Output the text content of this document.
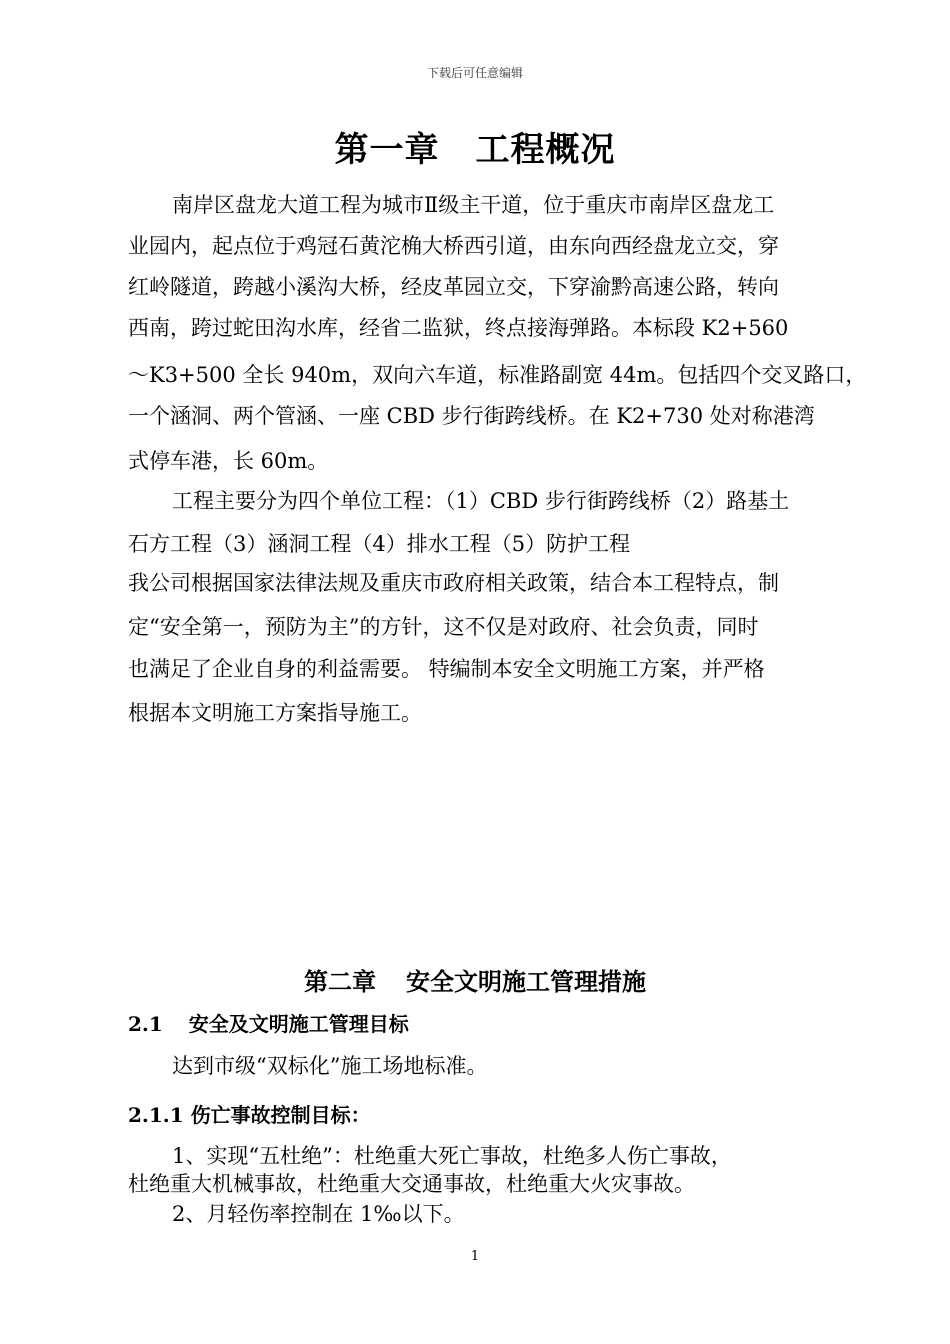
下载后可任意编辑
第一章 工程概况
南岸区盘龙大道工程为城市Ⅱ级主干道，位于重庆市南岸区盘龙工
业园内，起点位于鸡冠石黄沱桷大桥西引道，由东向西经盘龙立交，穿
红岭隧道，跨越小溪沟大桥，经皮革园立交，下穿渝黔高速公路，转向
西南，跨过蛇田沟水库，经省二监狱，终点接海弹路。本标段 K2+560
～K3+500 全长 940m，双向六车道，标准路副宽 44m。包括四个交叉路口，
一个涵洞、两个管涵、一座 CBD 步行街跨线桥。在 K2+730 处对称港湾
式停车港，长 60m。
工程主要分为四个单位工程：（1）CBD 步行街跨线桥（2）路基土
石方工程（3）涵洞工程（4）排水工程（5）防护工程
我公司根据国家法律法规及重庆市政府相关政策，结合本工程特点，制
定“安全第一，预防为主”的方针，这不仅是对政府、社会负责，同时
也满足了企业自身的利益需要。 特编制本安全文明施工方案，并严格
根据本文明施工方案指导施工。
第二章 安全文明施工管理措施
2.1 安全及文明施工管理目标
达到市级“双标化”施工场地标准。
2.1.1 伤亡事故控制目标：
1、实现“五杜绝”：杜绝重大死亡事故，杜绝多人伤亡事故，
杜绝重大机械事故，杜绝重大交通事故，杜绝重大火灾事故。
2、月轻伤率控制在 1‰以下。
1
